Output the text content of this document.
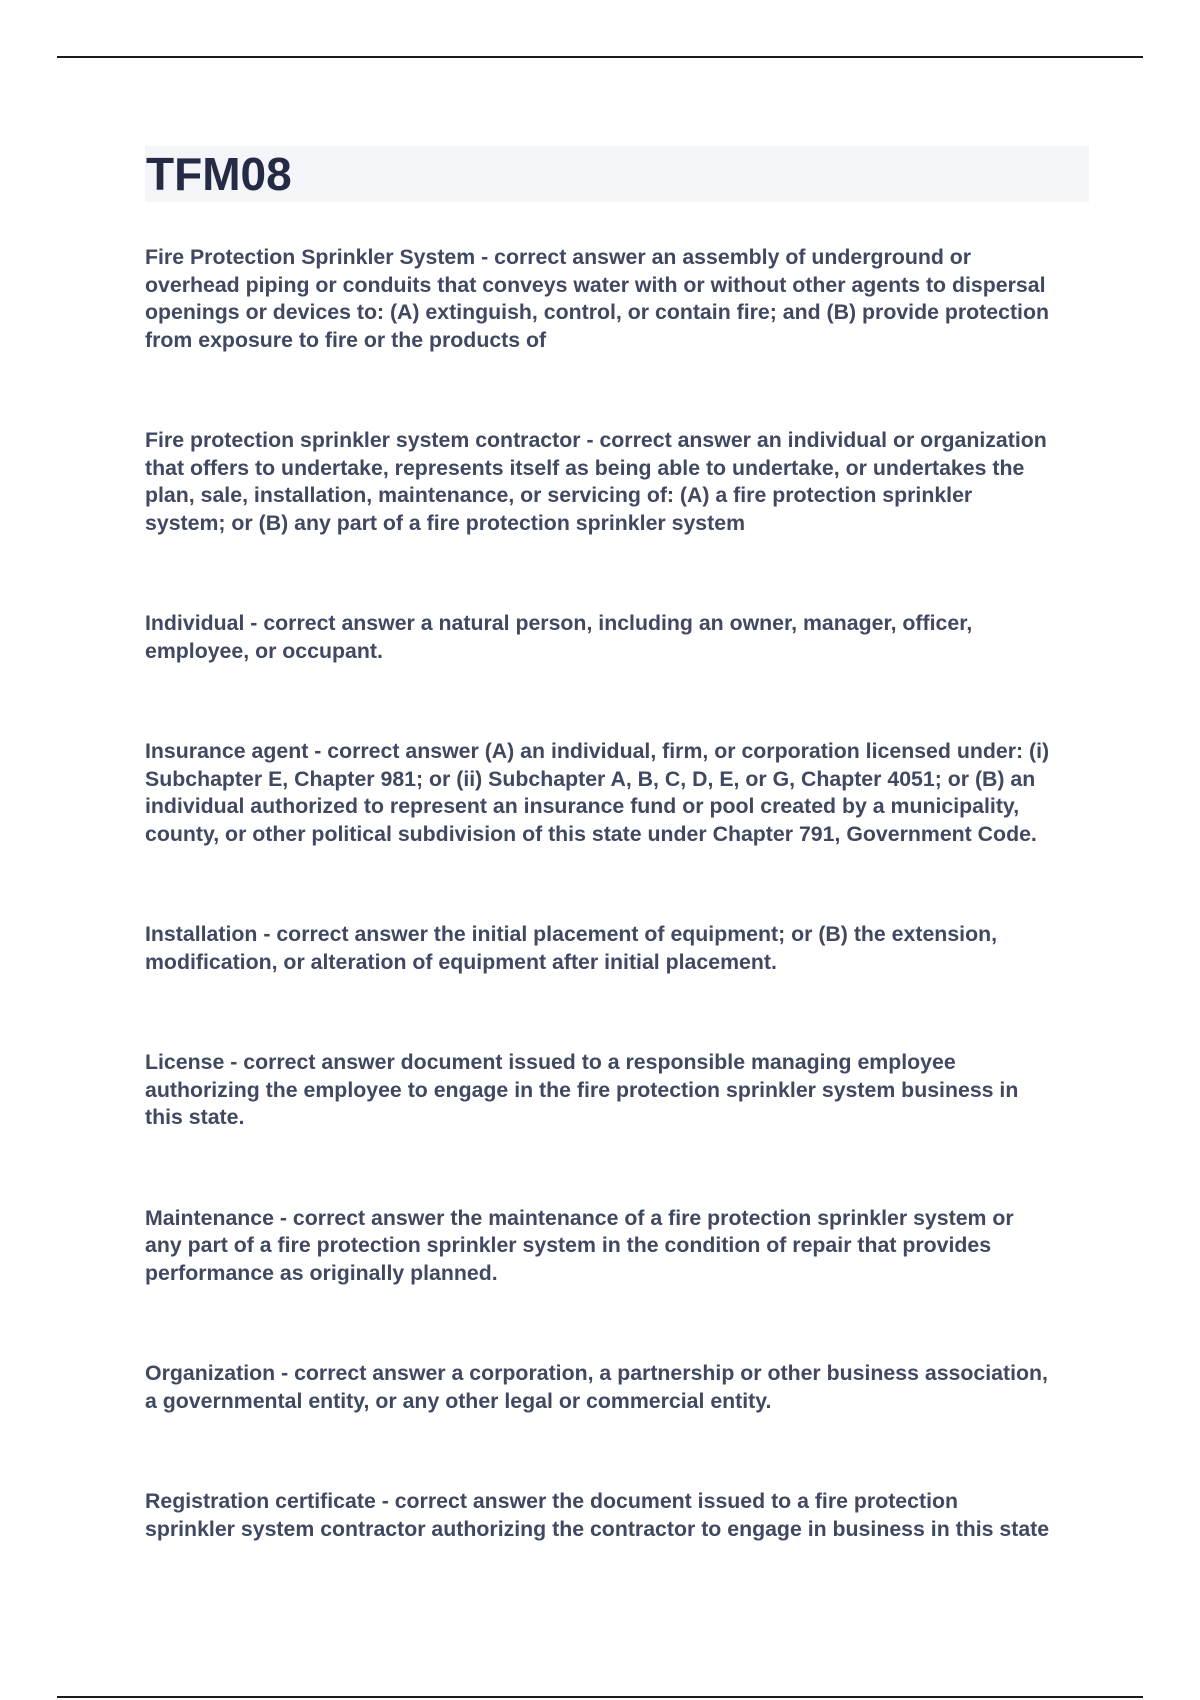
TFM08

Fire Protection Sprinkler System - correct answer an assembly of underground or
overhead piping or conduits that conveys water with or without other agents to dispersal
openings or devices to: (A) extinguish, control, or contain fire; and (B) provide protection
from exposure to fire or the products of

Fire protection sprinkler system contractor - correct answer an individual or organization
that offers to undertake, represents itself as being able to undertake, or undertakes the
plan, sale, installation, maintenance, or servicing of: (A) a fire protection sprinkler
system; or (B) any part of a fire protection sprinkler system

Individual - correct answer a natural person, including an owner, manager, officer,
employee, or occupant.

Insurance agent - correct answer (A) an individual, firm, or corporation licensed under: (i)
Subchapter E, Chapter 981; or (ii) Subchapter A, B, C, D, E, or G, Chapter 4051; or (B) an
individual authorized to represent an insurance fund or pool created by a municipality,
county, or other political subdivision of this state under Chapter 791, Government Code.

Installation - correct answer the initial placement of equipment; or (B) the extension,
modification, or alteration of equipment after initial placement.

License - correct answer document issued to a responsible managing employee
authorizing the employee to engage in the fire protection sprinkler system business in
this state.

Maintenance - correct answer the maintenance of a fire protection sprinkler system or
any part of a fire protection sprinkler system in the condition of repair that provides
performance as originally planned.

Organization - correct answer a corporation, a partnership or other business association,
a governmental entity, or any other legal or commercial entity.

Registration certificate - correct answer the document issued to a fire protection
sprinkler system contractor authorizing the contractor to engage in business in this state
